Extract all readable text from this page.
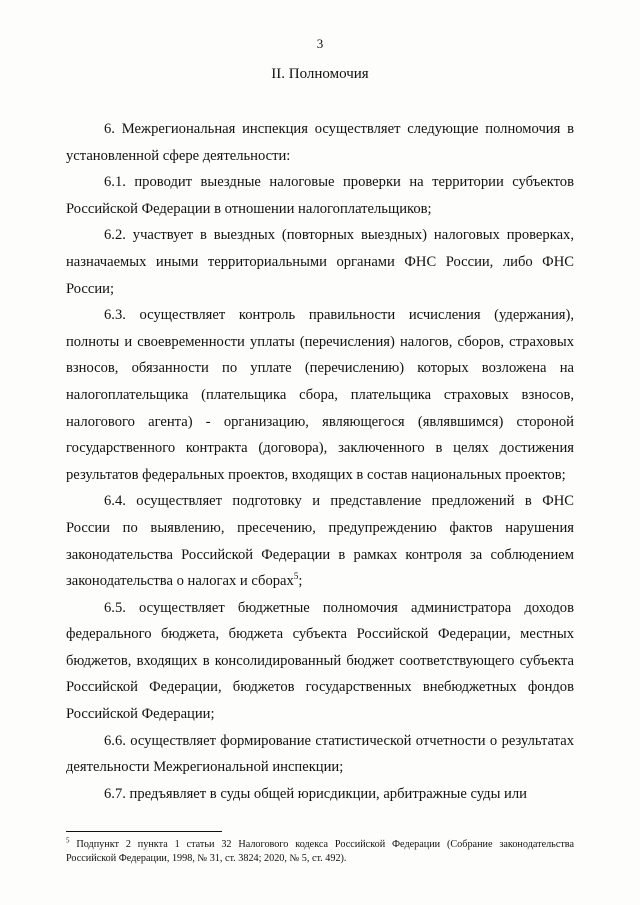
3
II. Полномочия

6. Межрегиональная инспекция осуществляет следующие полномочия в установленной сфере деятельности:

6.1. проводит выездные налоговые проверки на территории субъектов Российской Федерации в отношении налогоплательщиков;

6.2. участвует в выездных (повторных выездных) налоговых проверках, назначаемых иными территориальными органами ФНС России, либо ФНС России;

6.3. осуществляет контроль правильности исчисления (удержания), полноты и своевременности уплаты (перечисления) налогов, сборов, страховых взносов, обязанности по уплате (перечислению) которых возложена на налогоплательщика (плательщика сбора, плательщика страховых взносов, налогового агента) - организацию, являющегося (являвшимся) стороной государственного контракта (договора), заключенного в целях достижения результатов федеральных проектов, входящих в состав национальных проектов;

6.4. осуществляет подготовку и представление предложений в ФНС России по выявлению, пресечению, предупреждению фактов нарушения законодательства Российской Федерации в рамках контроля за соблюдением законодательства о налогах и сборах$^5$;

6.5. осуществляет бюджетные полномочия администратора доходов федерального бюджета, бюджета субъекта Российской Федерации, местных бюджетов, входящих в консолидированный бюджет соответствующего субъекта Российской Федерации, бюджетов государственных внебюджетных фондов Российской Федерации;

6.6. осуществляет формирование статистической отчетности о результатах деятельности Межрегиональной инспекции;

6.7. предъявляет в суды общей юрисдикции, арбитражные суды или

$^5$ Подпункт 2 пункта 1 статьи 32 Налогового кодекса Российской Федерации (Собрание законодательства Российской Федерации, 1998, № 31, ст. 3824; 2020, № 5, ст. 492).
